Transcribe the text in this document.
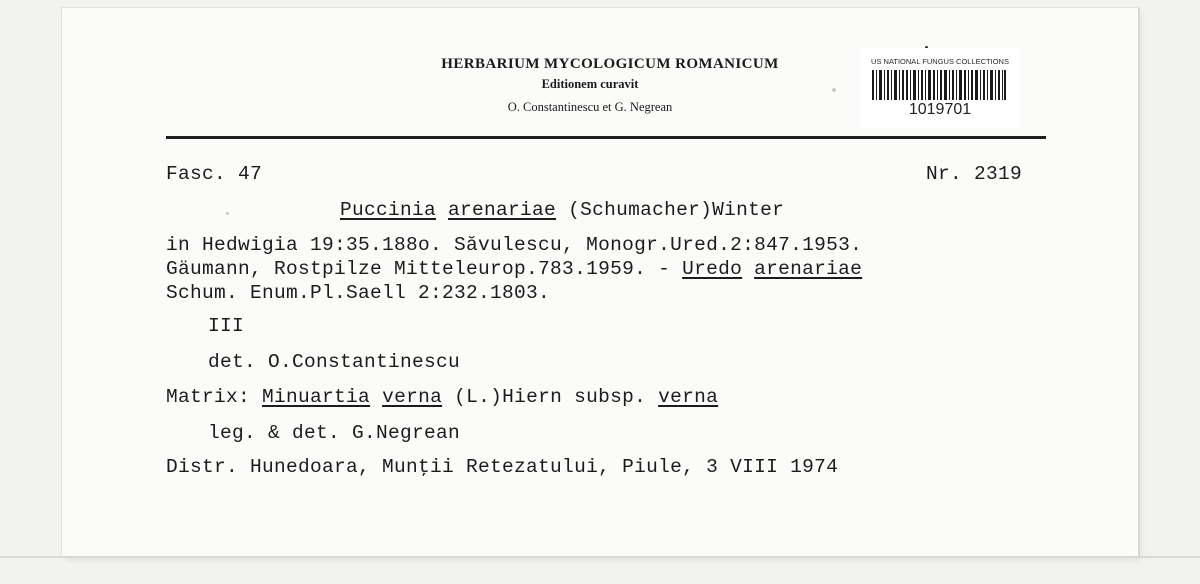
HERBARIUM MYCOLOGICUM ROMANICUM
Editionem curavit
O. Constantinescu et G. Negrean
US NATIONAL FUNGUS COLLECTIONS
1019701
Fasc. 47	Nr. 2319
Puccinia arenariae (Schumacher)Winter
in Hedwigia 19:35.188o. Săvulescu, Monogr.Ured.2:847.1953.
Gäumann, Rostpilze Mitteleurop.783.1959. - Uredo arenariae
Schum. Enum.Pl.Saell 2:232.1803.
III
det. O.Constantinescu
Matrix: Minuartia verna (L.)Hiern subsp. verna
leg. & det. G.Negrean
Distr. Hunedoara, Munţii Retezatului, Piule, 3 VIII 1974
